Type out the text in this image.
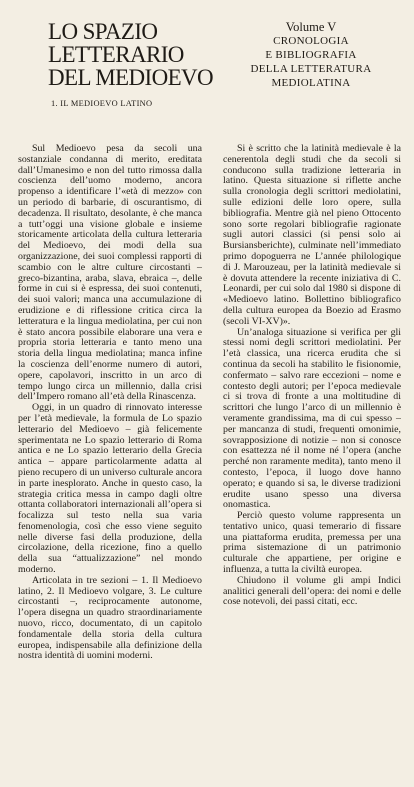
LO SPAZIO
LETTERARIO
DEL MEDIOEVO
1. IL MEDIOEVO LATINO
Volume V
CRONOLOGIA
E BIBLIOGRAFIA
DELLA LETTERATURA
MEDIOLATINA

Sul Medioevo pesa da secoli una sostanziale condanna di merito, ereditata dall’Umanesimo e non del tutto rimossa dalla coscienza dell’uomo moderno, ancora propenso a identificare l’«età di mezzo» con un periodo di barbarie, di oscurantismo, di decadenza. Il risultato, desolante, è che manca a tutt’oggi una visione globale e insieme storicamente articolata della cultura letteraria del Medioevo, dei modi della sua organizzazione, dei suoi complessi rapporti di scambio con le altre culture circostanti – greco-bizantina, araba, slava, ebraica –, delle forme in cui si è espressa, dei suoi contenuti, dei suoi valori; manca una accumulazione di erudizione e di riflessione critica circa la letteratura e la lingua mediolatina, per cui non è stato ancora possibile elaborare una vera e propria storia letteraria e tanto meno una storia della lingua mediolatina; manca infine la coscienza dell’enorme numero di autori, opere, capolavori, inscritto in un arco di tempo lungo circa un millennio, dalla crisi dell’Impero romano all’età della Rinascenza.

Oggi, in un quadro di rinnovato interesse per l’età medievale, la formula de Lo spazio letterario del Medioevo – già felicemente sperimentata ne Lo spazio letterario di Roma antica e ne Lo spazio letterario della Grecia antica – appare particolarmente adatta al pieno recupero di un universo culturale ancora in parte inesplorato. Anche in questo caso, la strategia critica messa in campo dagli oltre ottanta collaboratori internazionali all’opera si focalizza sul testo nella sua varia fenomenologia, così che esso viene seguito nelle diverse fasi della produzione, della circolazione, della ricezione, fino a quello della sua “attualizzazione” nel mondo moderno.

Articolata in tre sezioni – 1. Il Medioevo latino, 2. Il Medioevo volgare, 3. Le culture circostanti –, reciprocamente autonome, l’opera disegna un quadro straordinariamente nuovo, ricco, documentato, di un capitolo fondamentale della storia della cultura europea, indispensabile alla definizione della nostra identità di uomini moderni.

Si è scritto che la latinità medievale è la cenerentola degli studi che da secoli si conducono sulla tradizione letteraria in latino. Questa situazione si riflette anche sulla cronologia degli scrittori mediolatini, sulle edizioni delle loro opere, sulla bibliografia. Mentre già nel pieno Ottocento sono sorte regolari bibliografie ragionate sugli autori classici (si pensi solo ai Bursiansberichte), culminate nell’immediato primo dopoguerra ne L’année philologique di J. Marouzeau, per la latinità medievale si è dovuta attendere la recente iniziativa di C. Leonardi, per cui solo dal 1980 si dispone di «Medioevo latino. Bollettino bibliografico della cultura europea da Boezio ad Erasmo (secoli VI-XV)».

Un’analoga situazione si verifica per gli stessi nomi degli scrittori mediolatini. Per l’età classica, una ricerca erudita che si continua da secoli ha stabilito le fisionomie, confermato – salvo rare eccezioni – nome e contesto degli autori; per l’epoca medievale ci si trova di fronte a una moltitudine di scrittori che lungo l’arco di un millennio è veramente grandissima, ma di cui spesso – per mancanza di studi, frequenti omonimie, sovrapposizione di notizie – non si conosce con esattezza né il nome né l’opera (anche perché non raramente medita), tanto meno il contesto, l’epoca, il luogo dove hanno operato; e quando si sa, le diverse tradizioni erudite usano spesso una diversa onomastica.

Perciò questo volume rappresenta un tentativo unico, quasi temerario di fissare una piattaforma erudita, premessa per una prima sistemazione di un patrimonio culturale che appartiene, per origine e influenza, a tutta la civiltà europea.

Chiudono il volume gli ampi Indici analitici generali dell’opera: dei nomi e delle cose notevoli, dei passi citati, ecc.
